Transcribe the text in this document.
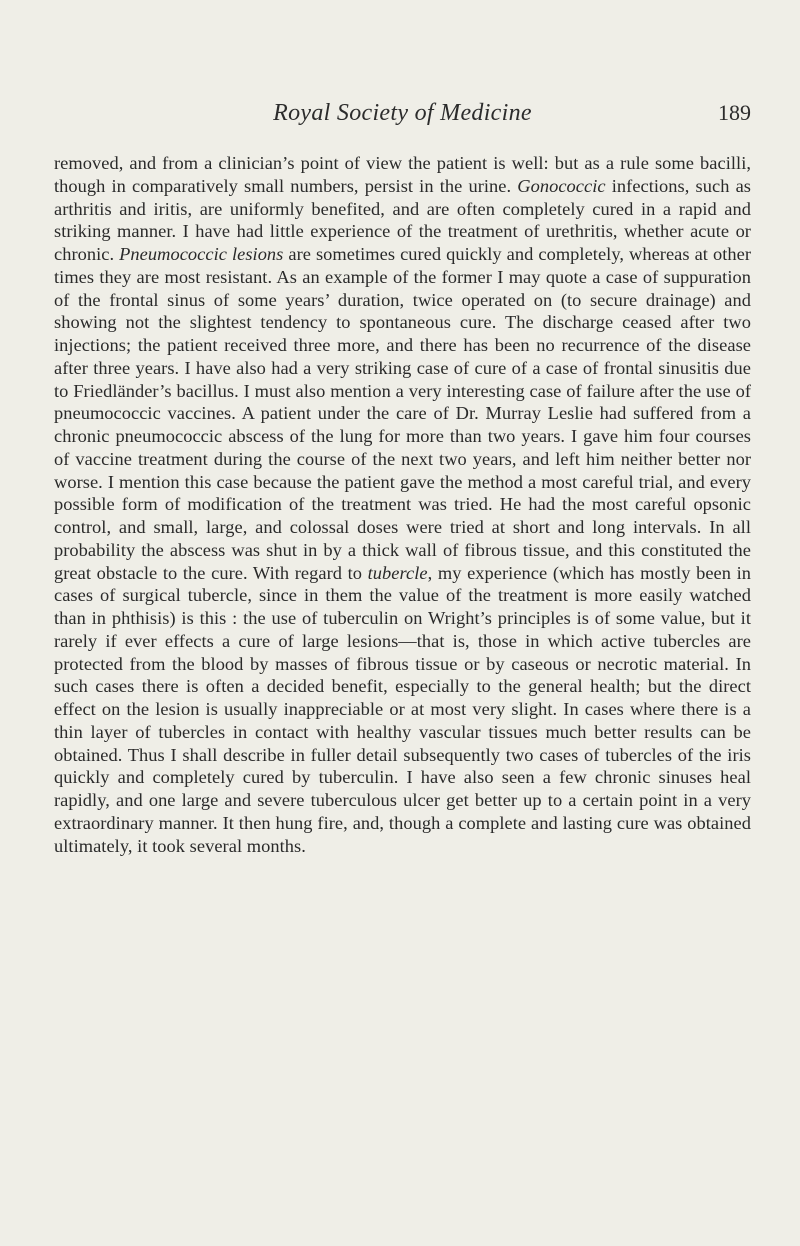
Royal Society of Medicine	189

removed, and from a clinician’s point of view the patient is well: but as a rule some bacilli, though in comparatively small numbers, persist in the urine. Gonococcic infections, such as arthritis and iritis, are uniformly benefited, and are often completely cured in a rapid and striking manner. I have had little experience of the treatment of urethritis, whether acute or chronic. Pneumococcic lesions are sometimes cured quickly and completely, whereas at other times they are most resistant. As an example of the former I may quote a case of suppuration of the frontal sinus of some years’ duration, twice operated on (to secure drainage) and showing not the slightest tendency to spontaneous cure. The discharge ceased after two injections; the patient received three more, and there has been no recurrence of the disease after three years. I have also had a very striking case of cure of a case of frontal sinusitis due to Friedländer’s bacillus. I must also mention a very interesting case of failure after the use of pneumococcic vaccines. A patient under the care of Dr. Murray Leslie had suffered from a chronic pneumococcic abscess of the lung for more than two years. I gave him four courses of vaccine treatment during the course of the next two years, and left him neither better nor worse. I mention this case because the patient gave the method a most careful trial, and every possible form of modification of the treatment was tried. He had the most careful opsonic control, and small, large, and colossal doses were tried at short and long intervals. In all probability the abscess was shut in by a thick wall of fibrous tissue, and this constituted the great obstacle to the cure. With regard to tubercle, my experience (which has mostly been in cases of surgical tubercle, since in them the value of the treatment is more easily watched than in phthisis) is this : the use of tuberculin on Wright’s principles is of some value, but it rarely if ever effects a cure of large lesions—that is, those in which active tubercles are protected from the blood by masses of fibrous tissue or by caseous or necrotic material. In such cases there is often a decided benefit, especially to the general health; but the direct effect on the lesion is usually inappreciable or at most very slight. In cases where there is a thin layer of tubercles in contact with healthy vascular tissues much better results can be obtained. Thus I shall describe in fuller detail subsequently two cases of tubercles of the iris quickly and completely cured by tuberculin. I have also seen a few chronic sinuses heal rapidly, and one large and severe tuberculous ulcer get better up to a certain point in a very extraordinary manner. It then hung fire, and, though a complete and lasting cure was obtained ultimately, it took several months.
